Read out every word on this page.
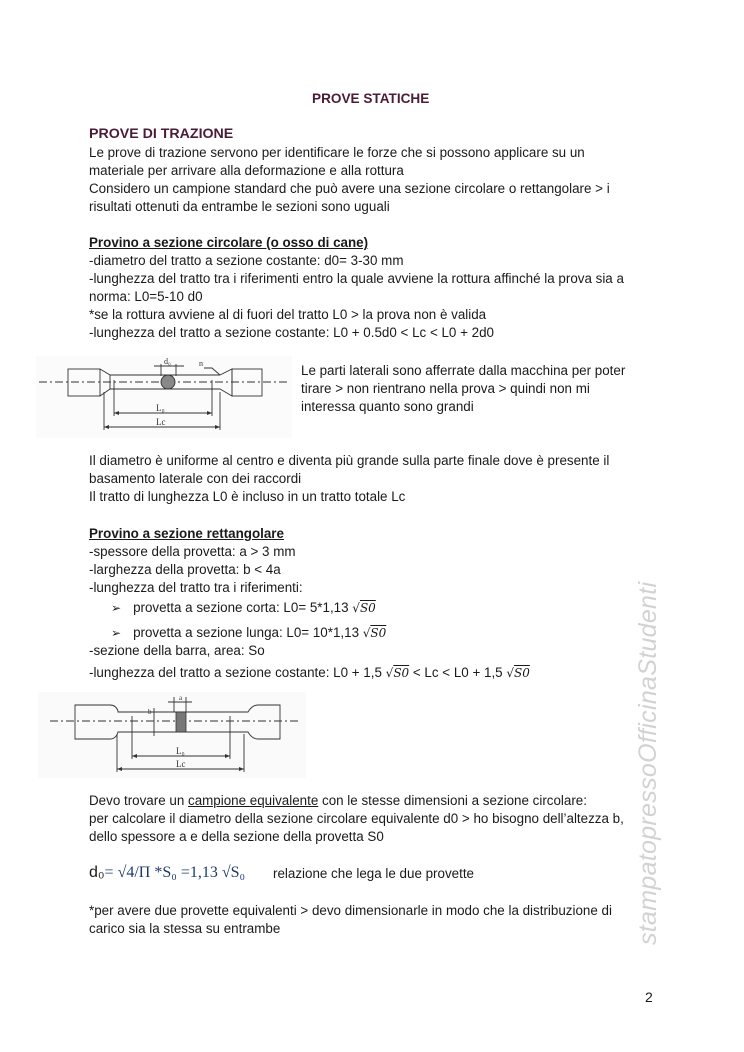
PROVE STATICHE
PROVE DI TRAZIONE
Le prove di trazione servono per identificare le forze che si possono applicare su un
materiale per arrivare alla deformazione e alla rottura
Considero un campione standard che può avere una sezione circolare o rettangolare > i
risultati ottenuti da entrambe le sezioni sono uguali
Provino a sezione circolare (o osso di cane)
-diametro del tratto a sezione costante: d0= 3-30 mm
-lunghezza del tratto tra i riferimenti entro la quale avviene la rottura affinché la prova sia a
norma: L0=5-10 d0
*se la rottura avviene al di fuori del tratto L0 > la prova non è valida
-lunghezza del tratto a sezione costante: L0 + 0.5d0 < Lc < L0 + 2d0
d₀	n
L₀
Lc
Le parti laterali sono afferrate dalla macchina per poter
tirare > non rientrano nella prova > quindi non mi
interessa quanto sono grandi
Il diametro è uniforme al centro e diventa più grande sulla parte finale dove è presente il
basamento laterale con dei raccordi
Il tratto di lunghezza L0 è incluso in un tratto totale Lc
Provino a sezione rettangolare
-spessore della provetta: a > 3 mm
-larghezza della provetta: b < 4a
-lunghezza del tratto tra i riferimenti:
➢ provetta a sezione corta: L0= 5*1,13 √S0
➢ provetta a sezione lunga: L0= 10*1,13 √S0
-sezione della barra, area: So
-lunghezza del tratto a sezione costante: L0 + 1,5 √S0 < Lc < L0 + 1,5 √S0
a
b
L₀
Lc
Devo trovare un campione equivalente con le stesse dimensioni a sezione circolare:
per calcolare il diametro della sezione circolare equivalente d0 > ho bisogno dell’altezza b,
dello spessore a e della sezione della provetta S0
d₀= √4/Π *S₀ =1,13 √S₀ relazione che lega le due provette
*per avere due provette equivalenti > devo dimensionarle in modo che la distribuzione di
carico sia la stessa su entrambe	stampatopressoOfficinaStudenti
2
